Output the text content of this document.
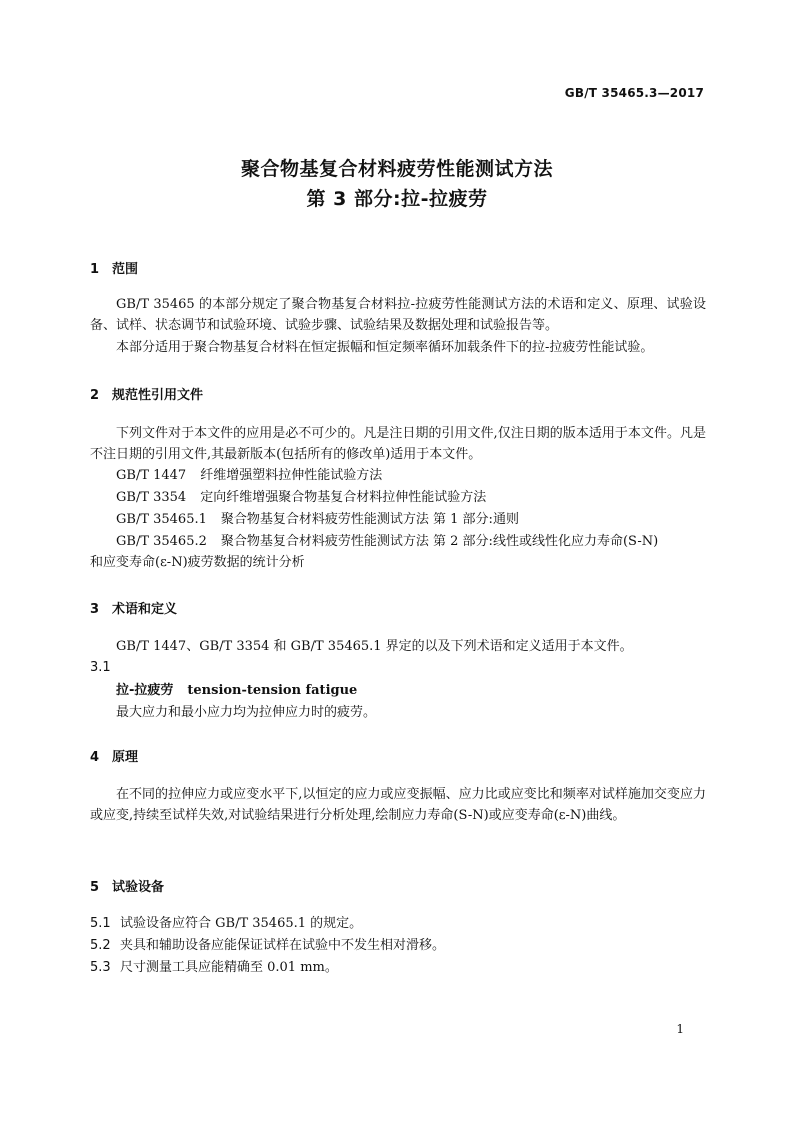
GB/T 35465.3—2017
聚合物基复合材料疲劳性能测试方法
第 3 部分:拉-拉疲劳
1 范围
GB/T 35465 的本部分规定了聚合物基复合材料拉-拉疲劳性能测试方法的术语和定义、原理、试验设备、试样、状态调节和试验环境、试验步骤、试验结果及数据处理和试验报告等。
本部分适用于聚合物基复合材料在恒定振幅和恒定频率循环加载条件下的拉-拉疲劳性能试验。
2 规范性引用文件
下列文件对于本文件的应用是必不可少的。凡是注日期的引用文件,仅注日期的版本适用于本文件。凡是不注日期的引用文件,其最新版本(包括所有的修改单)适用于本文件。
GB/T 1447 纤维增强塑料拉伸性能试验方法
GB/T 3354 定向纤维增强聚合物基复合材料拉伸性能试验方法
GB/T 35465.1 聚合物基复合材料疲劳性能测试方法 第 1 部分:通则
GB/T 35465.2 聚合物基复合材料疲劳性能测试方法 第 2 部分:线性或线性化应力寿命(S-N)
和应变寿命(ε-N)疲劳数据的统计分析
3 术语和定义
GB/T 1447、GB/T 3354 和 GB/T 35465.1 界定的以及下列术语和定义适用于本文件。
3.1
拉-拉疲劳 tension-tension fatigue
最大应力和最小应力均为拉伸应力时的疲劳。
4 原理
在不同的拉伸应力或应变水平下,以恒定的应力或应变振幅、应力比或应变比和频率对试样施加交变应力或应变,持续至试样失效,对试验结果进行分析处理,绘制应力寿命(S-N)或应变寿命(ε-N)曲线。
5 试验设备
5.1 试验设备应符合 GB/T 35465.1 的规定。
5.2 夹具和辅助设备应能保证试样在试验中不发生相对滑移。
5.3 尺寸测量工具应能精确至 0.01 mm。
1
